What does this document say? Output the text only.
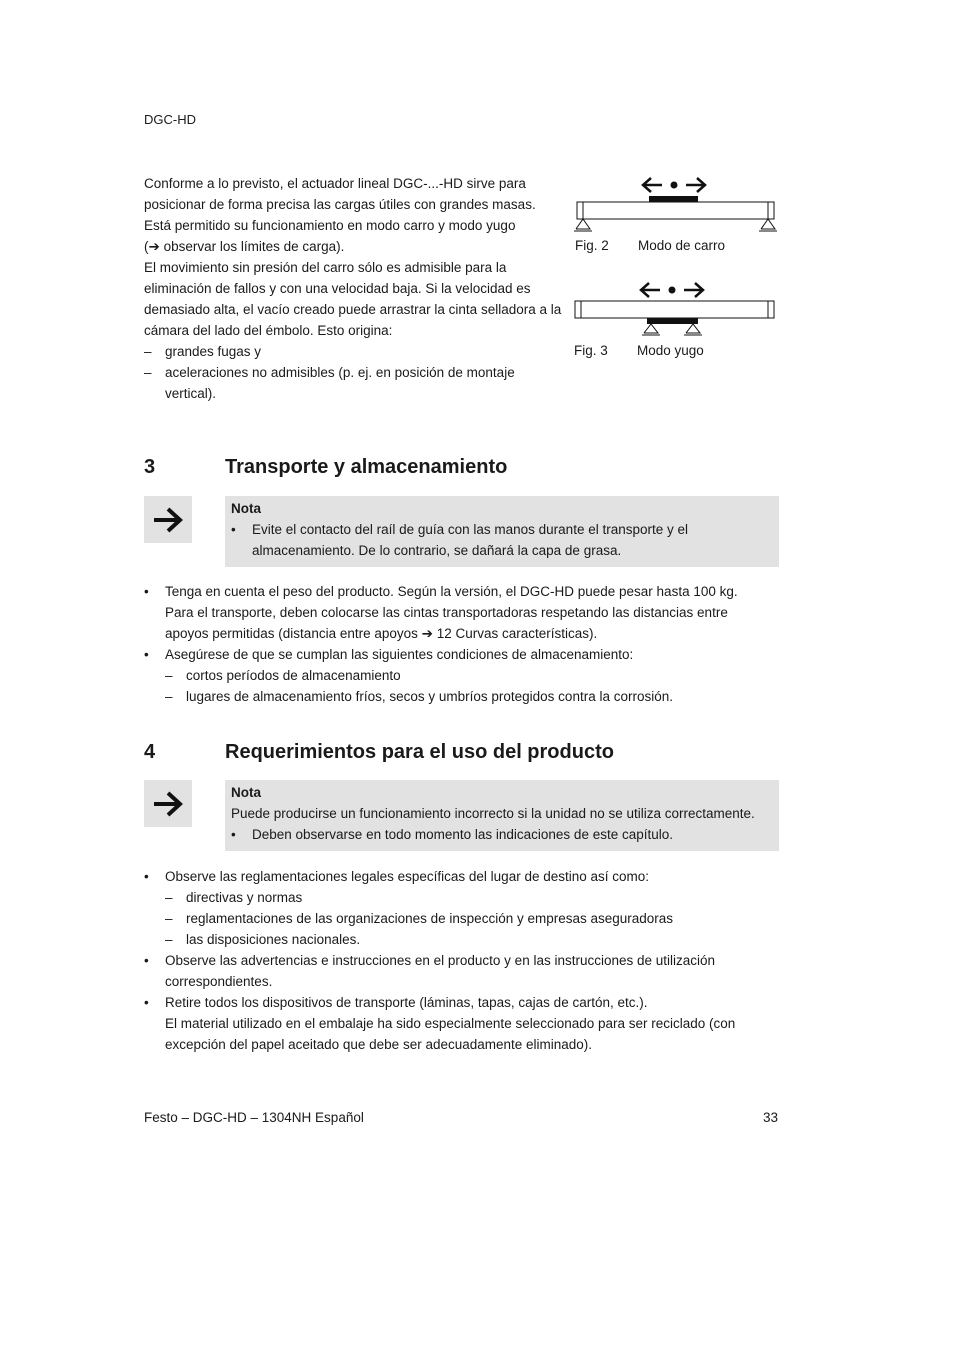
DGC-HD

Conforme a lo previsto, el actuador lineal DGC-...-HD sirve para posicionar de forma precisa las cargas útiles con grandes masas. Está permitido su funcionamiento en modo carro y modo yugo
(➔ observar los límites de carga).

El movimiento sin presión del carro sólo es admisible para la eliminación de fallos y con una velocidad baja. Si la velocidad es demasiado alta, el vacío creado puede arrastrar la cinta selladora a la cámara del lado del émbolo. Esto origina:

– grandes fugas y
– aceleraciones no admisibles (p. ej. en posición de montaje vertical).
Fig. 2 Modo de carro
Fig. 3 Modo yugo
3	Transporte y almacenamiento
Nota
• Evite el contacto del raíl de guía con las manos durante el transporte y el almacenamiento. De lo contrario, se dañará la capa de grasa.
• Tenga en cuenta el peso del producto. Según la versión, el DGC-HD puede pesar hasta 100 kg. Para el transporte, deben colocarse las cintas transportadoras respetando las distancias entre apoyos permitidas (distancia entre apoyos ➔ 12 Curvas características).
• Asegúrese de que se cumplan las siguientes condiciones de almacenamiento:
– cortos períodos de almacenamiento
– lugares de almacenamiento fríos, secos y umbríos protegidos contra la corrosión.
4	Requerimientos para el uso del producto
Nota
Puede producirse un funcionamiento incorrecto si la unidad no se utiliza correctamente.
• Deben observarse en todo momento las indicaciones de este capítulo.
• Observe las reglamentaciones legales específicas del lugar de destino así como:
– directivas y normas
– reglamentaciones de las organizaciones de inspección y empresas aseguradoras
– las disposiciones nacionales.
• Observe las advertencias e instrucciones en el producto y en las instrucciones de utilización correspondientes.
• Retire todos los dispositivos de transporte (láminas, tapas, cajas de cartón, etc.).
El material utilizado en el embalaje ha sido especialmente seleccionado para ser reciclado (con excepción del papel aceitado que debe ser adecuadamente eliminado).
Festo – DGC-HD – 1304NH Español	33
